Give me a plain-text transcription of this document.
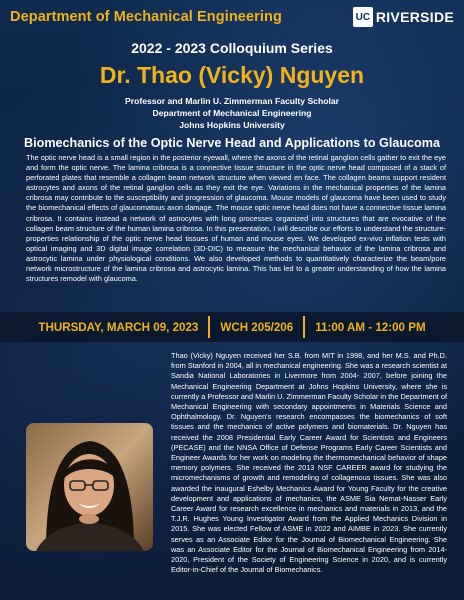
Department of Mechanical Engineering	UC RIVERSIDE
2022 - 2023 Colloquium Series
Dr. Thao (Vicky) Nguyen
Professor and Marlin U. Zimmerman Faculty Scholar
Department of Mechanical Engineering
Johns Hopkins University
Biomechanics of the Optic Nerve Head and Applications to Glaucoma
The optic nerve head is a small region in the posterior eyewall, where the axons of the retinal ganglion cells gather to exit the eye and form the optic nerve. The lamina cribrosa is a connective tissue structure in the optic nerve head composed of a stack of perforated plates that resemble a collagen beam network structure when viewed en face. The collagen beams support resident astrocytes and axons of the retinal ganglion cells as they exit the eye. Variations in the mechanical properties of the lamina cribrosa may contribute to the susceptibility and progression of glaucoma. Mouse models of glaucoma have been used to study the biomechanical effects of glaucomatous axon damage. The mouse optic nerve head does not have a connective tissue lamina cribrosa. It contains instead a network of astrocytes with long processes organized into structures that are evocative of the collagen beam structure of the human lamina cribrosa. In this presentation, I will describe our efforts to understand the structure-properties relationship of the optic nerve head tissues of human and mouse eyes. We developed ex-vivo inflation tests with optical imaging and 3D digital image correlation (3D-DIC) to measure the mechanical behavior of the lamina cribrosa and astrocytic lamina under physiological conditions. We also developed methods to quantitatively characterize the beam/pore network microstructure of the lamina cribrosa and astrocytic lamina. This has led to a greater understanding of how the lamina structures remodel with glaucoma.
THURSDAY, MARCH 09, 2023	WCH 205/206	11:00 AM - 12:00 PM
Thao (Vicky) Nguyen received her S.B. from MIT in 1998, and her M.S. and Ph.D. from Stanford in 2004, all in mechanical engineering. She was a research scientist at Sandia National Laboratories in Livermore from 2004- 2007, before joining the Mechanical Engineering Department at Johns Hopkins University, where she is currently a Professor and Marlin U. Zimmerman Faculty Scholar in the Department of Mechanical Engineering with secondary appointments in Materials Science and Ophthalmology. Dr. Nguyen's research encompasses the biomechanics of soft tissues and the mechanics of active polymers and biomaterials. Dr. Nguyen has received the 2008 Presidential Early Career Award for Scientists and Engineers (PECASE) and the NNSA Office of Defense Programs Early Career Scientists and Engineer Awards for her work on modeling the thermomechanical behavior of shape memory polymers. She received the 2013 NSF CAREER award for studying the micromechanisms of growth and remodeling of collagenous tissues. She was also awarded the inaugural Eshelby Mechanics Award for Young Faculty for the creative development and applications of mechanics, the ASME Sia Nemat-Nasser Early Career Award for research excellence in mechanics and materials in 2013, and the T.J.R. Hughes Young Investigator Award from the Applied Mechanics Division in 2015. She was elected Fellow of ASME in 2022 and AIMBE in 2023. She currently serves as an Associate Editor for the Journal of Biomechanical Engineering. She was an Associate Editor for the Journal of Biomechanical Engineering from 2014-2020, President of the Society of Engineering Science in 2020, and is currently Editor-in-Chief of the Journal of Biomechanics.
